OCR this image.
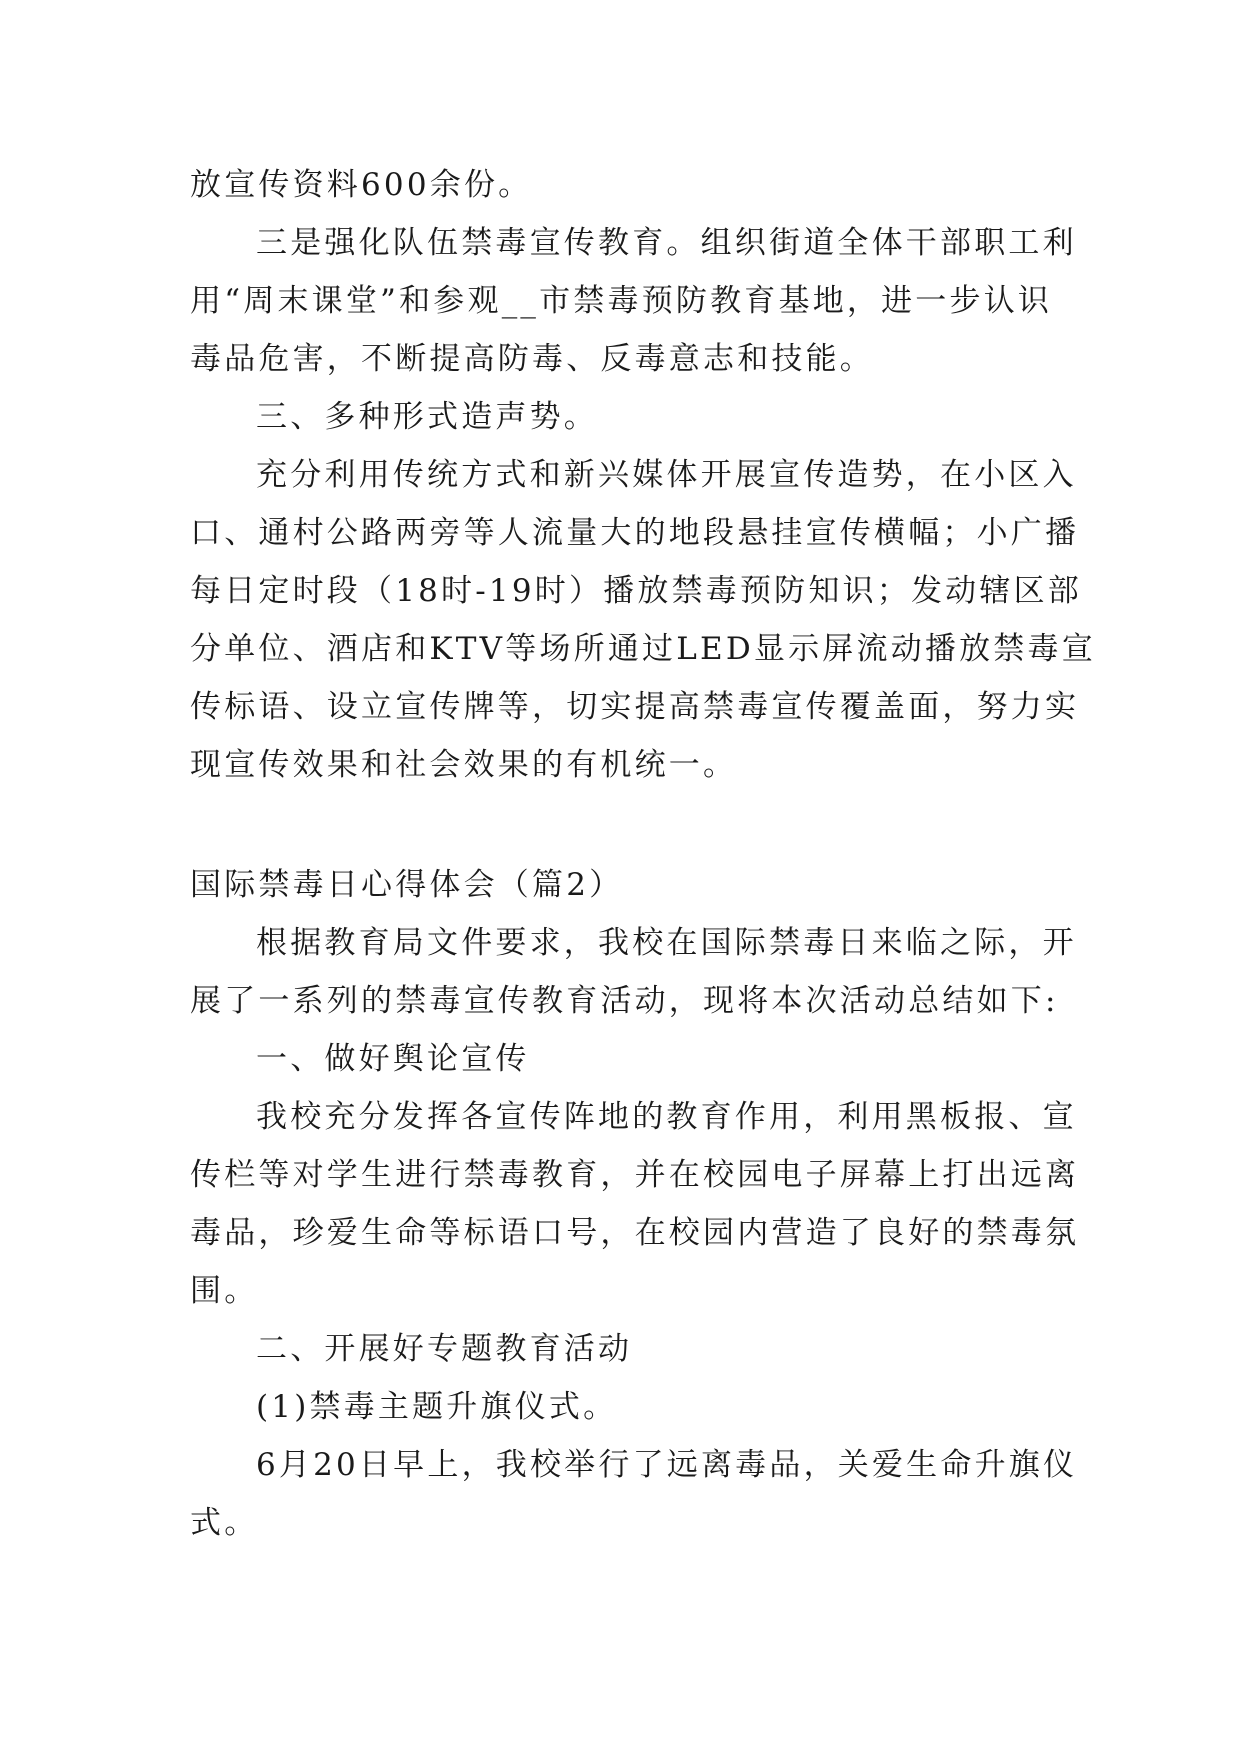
放宣传资料600余份。
三是强化队伍禁毒宣传教育。组织街道全体干部职工利
用“周末课堂”和参观__市禁毒预防教育基地，进一步认识
毒品危害，不断提高防毒、反毒意志和技能。
三、多种形式造声势。
充分利用传统方式和新兴媒体开展宣传造势，在小区入
口、通村公路两旁等人流量大的地段悬挂宣传横幅；小广播
每日定时段（18时-19时）播放禁毒预防知识；发动辖区部
分单位、酒店和KTV等场所通过LED显示屏流动播放禁毒宣
传标语、设立宣传牌等，切实提高禁毒宣传覆盖面，努力实
现宣传效果和社会效果的有机统一。
国际禁毒日心得体会（篇2）
根据教育局文件要求，我校在国际禁毒日来临之际，开
展了一系列的禁毒宣传教育活动，现将本次活动总结如下:
一、做好舆论宣传
我校充分发挥各宣传阵地的教育作用，利用黑板报、宣
传栏等对学生进行禁毒教育，并在校园电子屏幕上打出远离
毒品，珍爱生命等标语口号，在校园内营造了良好的禁毒氛
围。
二、开展好专题教育活动
(1)禁毒主题升旗仪式。
6月20日早上，我校举行了远离毒品，关爱生命升旗仪
式。
